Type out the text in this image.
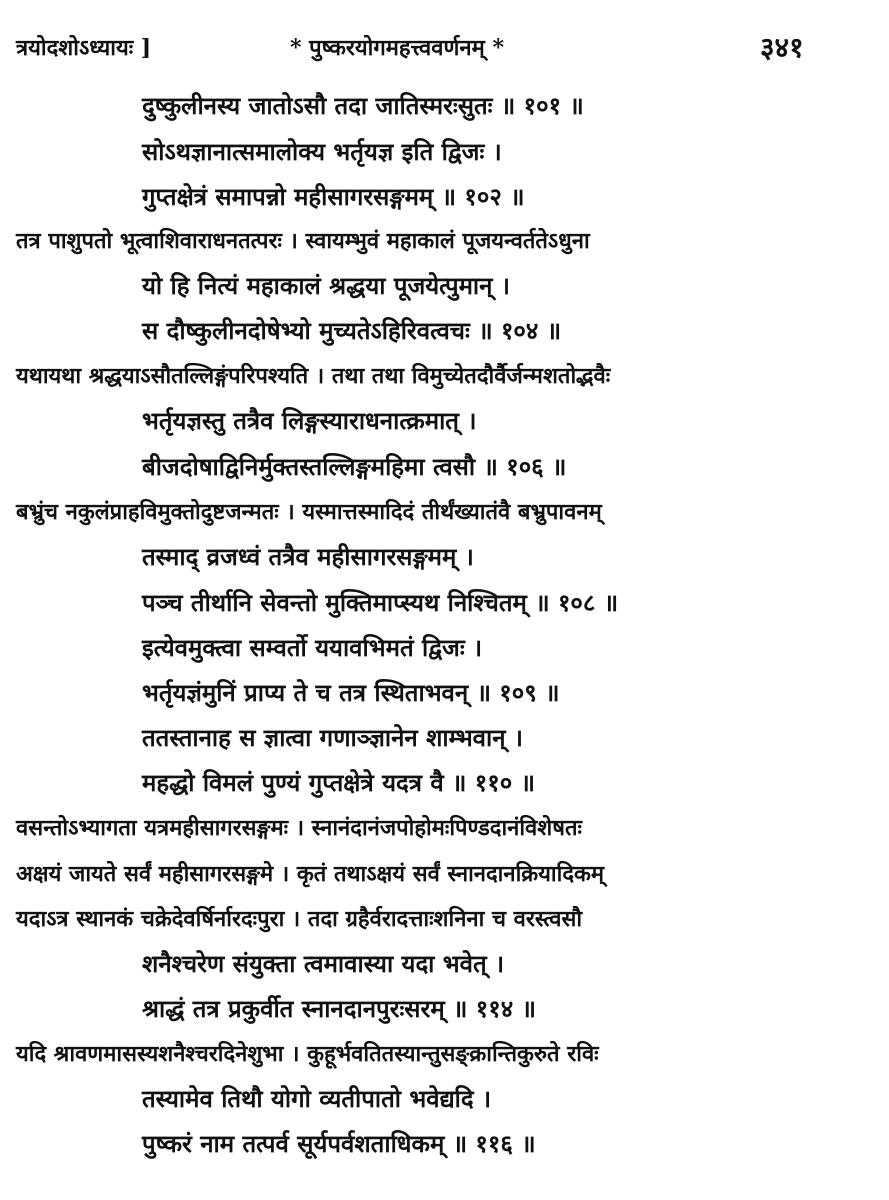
त्रयोदशोऽध्यायः ]	* पुष्करयोगमहत्त्ववर्णनम् *	३४१
दुष्कुलीनस्य जातोऽसौ तदा जातिस्मरःसुतः ॥ १०१ ॥
सोऽथज्ञानात्समालोक्य भर्तृयज्ञ इति द्विजः ।
गुप्तक्षेत्रं समापन्नो महीसागरसङ्गमम् ॥ १०२ ॥
तत्र पाशुपतो भूत्वाशिवाराधनतत्परः । स्वायम्भुवं महाकालं पूजयन्वर्ततेऽधुना
यो हि नित्यं महाकालं श्रद्धया पूजयेत्पुमान् ।
स दौष्कुलीनदोषेभ्यो मुच्यतेऽहिरिवत्वचः ॥ १०४ ॥
यथायथा श्रद्धयाऽसौतल्लिङ्गंपरिपश्यति । तथा तथा विमुच्येतदौर्वैर्जन्मशतोद्भवैः
भर्तृयज्ञस्तु तत्रैव लिङ्गस्याराधनात्क्रमात् ।
बीजदोषाद्विनिर्मुक्तस्तल्लिङ्गमहिमा त्वसौ ॥ १०६ ॥
बभ्रुंच नकुलंप्राहविमुक्तोदुष्टजन्मतः । यस्मात्तस्मादिदं तीर्थंख्यातंवै बभ्रुपावनम्
तस्माद् व्रजध्वं तत्रैव महीसागरसङ्गमम् ।
पञ्च तीर्थानि सेवन्तो मुक्तिमाप्स्यथ निश्चितम् ॥ १०८ ॥
इत्येवमुक्त्वा सम्वर्तो ययावभिमतं द्विजः ।
भर्तृयज्ञंमुनिं प्राप्य ते च तत्र स्थिताभवन् ॥ १०९ ॥
ततस्तानाह स ज्ञात्वा गणाञ्ज्ञानेन शाम्भवान् ।
महद्धो विमलं पुण्यं गुप्तक्षेत्रे यदत्र वै ॥ ११० ॥
वसन्तोऽभ्यागता यत्रमहीसागरसङ्गमः । स्नानंदानंजपोहोमःपिण्डदानंविशेषतः
अक्षयं जायते सर्वं महीसागरसङ्गमे । कृतं तथाऽक्षयं सर्वं स्नानदानक्रियादिकम्
यदाऽत्र स्थानकं चक्रेदेवर्षिर्नारदःपुरा । तदा ग्रहैर्वरादत्ताःशनिना च वरस्त्वसौ
शनैश्चरेण संयुक्ता त्वमावास्या यदा भवेत् ।
श्राद्धं तत्र प्रकुर्वीत स्नानदानपुरःसरम् ॥ ११४ ॥
यदि श्रावणमासस्यशनैश्चरदिनेशुभा । कुहूर्भवतितस्यान्तुसङ्क्रान्तिकुरुते रविः
तस्यामेव तिथौ योगो व्यतीपातो भवेद्यदि ।
पुष्करं नाम तत्पर्व सूर्यपर्वशताधिकम् ॥ ११६ ॥
